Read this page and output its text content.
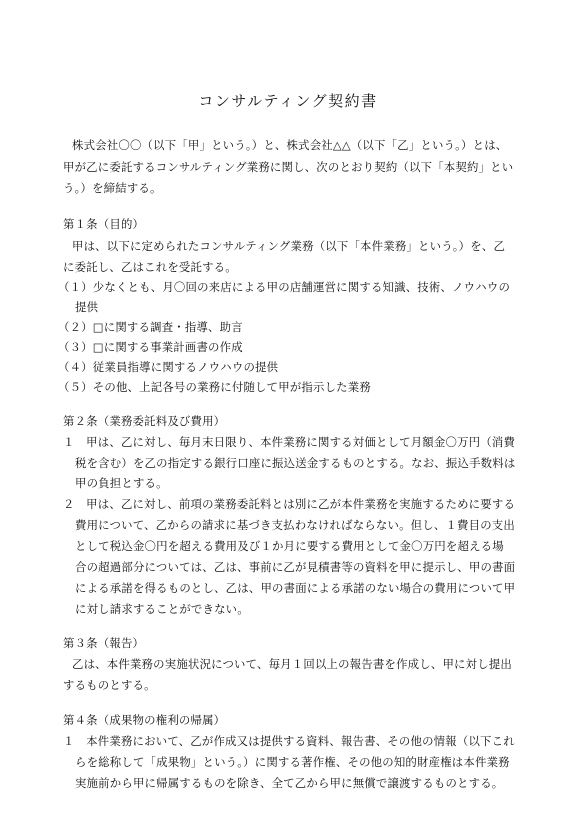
コンサルティング契約書
株式会社〇〇（以下「甲」という。）と、株式会社△△（以下「乙」という。）とは、
甲が乙に委託するコンサルティング業務に関し、次のとおり契約（以下「本契約」とい
う。）を締結する。
第１条（目的）
甲は、以下に定められたコンサルティング業務（以下「本件業務」という。）を、乙
に委託し、乙はこれを受託する。
（１）少なくとも、月〇回の来店による甲の店舗運営に関する知識、技術、ノウハウの
提供
（２）□に関する調査・指導、助言
（３）□に関する事業計画書の作成
（４）従業員指導に関するノウハウの提供
（５）その他、上記各号の業務に付随して甲が指示した業務
第２条（業務委託料及び費用）
１　甲は、乙に対し、毎月末日限り、本件業務に関する対価として月額金〇万円（消費
税を含む）を乙の指定する銀行口座に振込送金するものとする。なお、振込手数料は
甲の負担とする。
２　甲は、乙に対し、前項の業務委託料とは別に乙が本件業務を実施するために要する
費用について、乙からの請求に基づき支払わなければならない。但し、１費目の支出
として税込金〇円を超える費用及び１か月に要する費用として金〇万円を超える場
合の超過部分については、乙は、事前に乙が見積書等の資料を甲に提示し、甲の書面
による承諾を得るものとし、乙は、甲の書面による承諾のない場合の費用について甲
に対し請求することができない。
第３条（報告）
乙は、本件業務の実施状況について、毎月１回以上の報告書を作成し、甲に対し提出
するものとする。
第４条（成果物の権利の帰属）
１　本件業務において、乙が作成又は提供する資料、報告書、その他の情報（以下これ
らを総称して「成果物」という。）に関する著作権、その他の知的財産権は本件業務
実施前から甲に帰属するものを除き、全て乙から甲に無償で譲渡するものとする。
